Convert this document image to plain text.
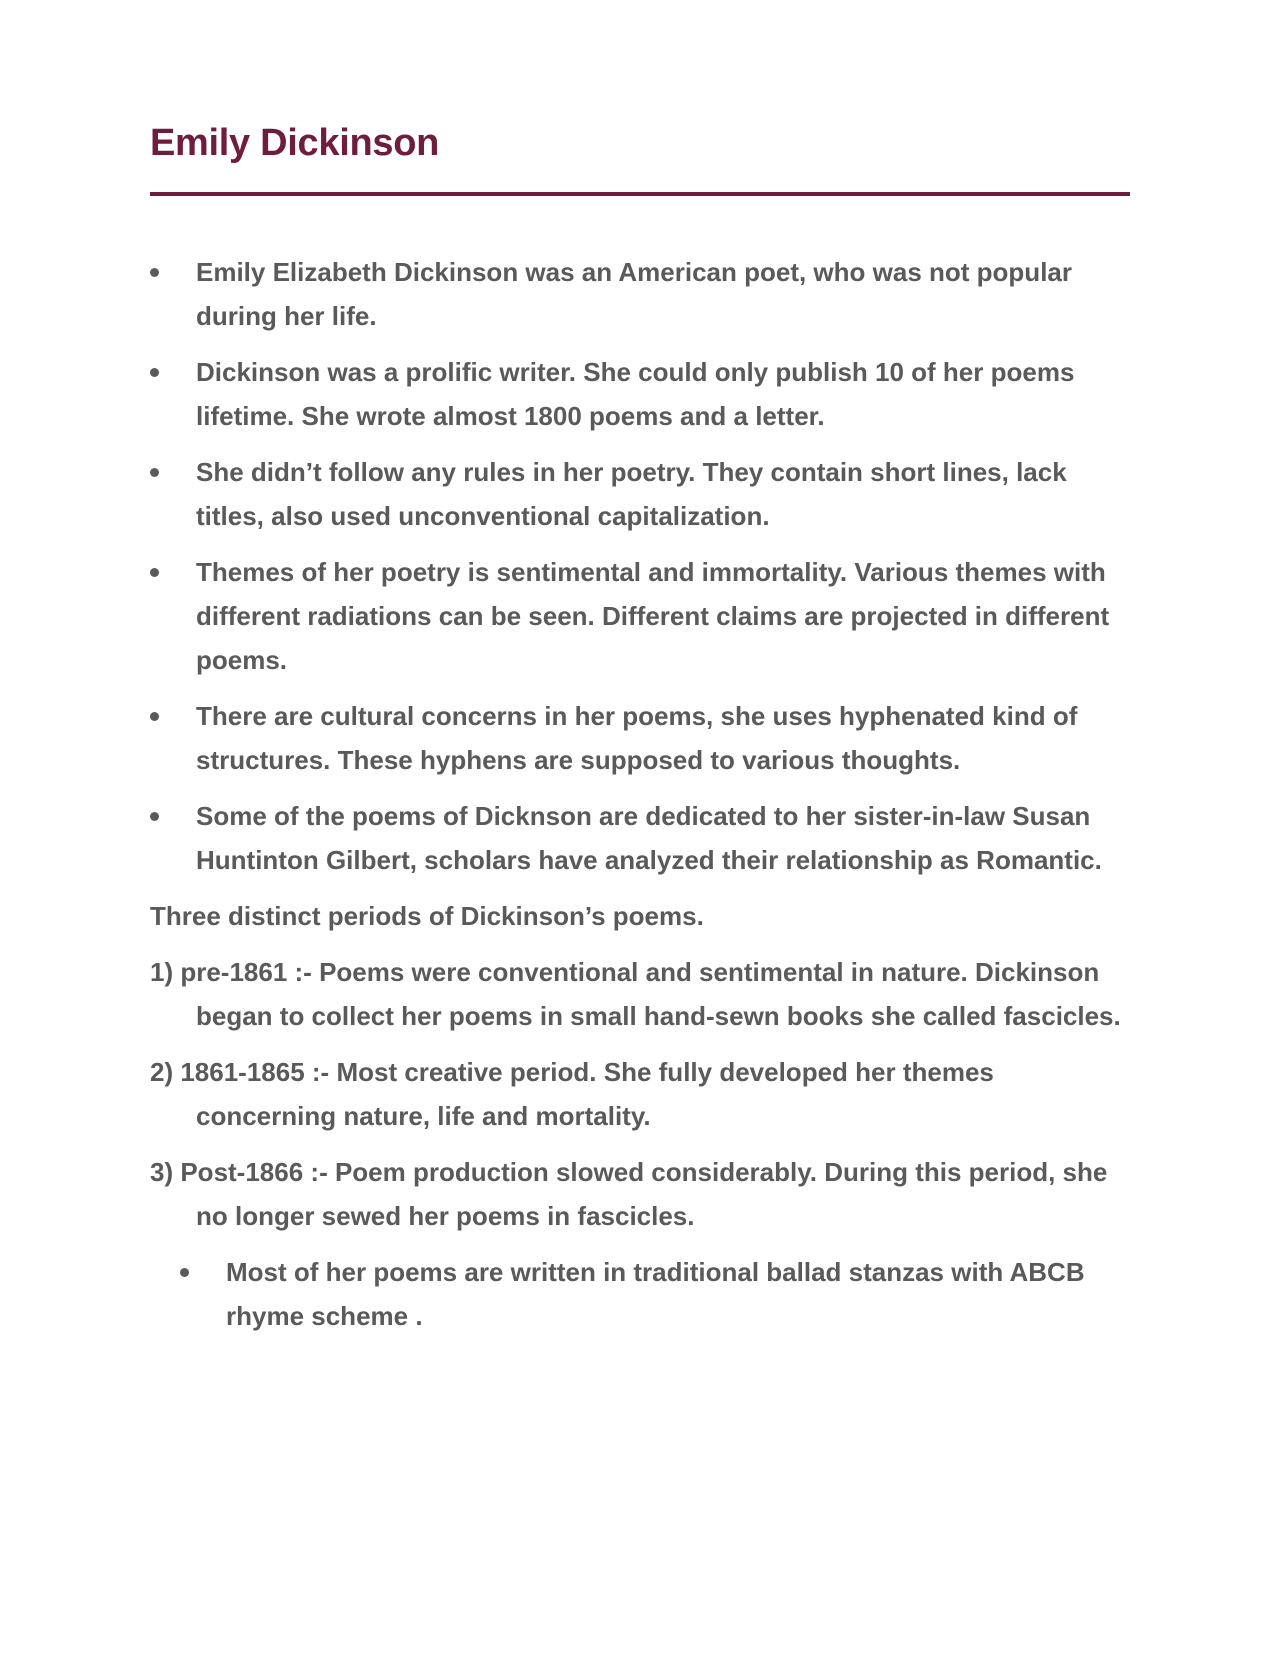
Emily Dickinson
Emily Elizabeth Dickinson was an American poet, who was not popular during her life.
Dickinson was a prolific writer. She could only publish 10 of her poems lifetime. She wrote almost 1800 poems and a letter.
She didn’t follow any rules in her poetry. They contain short lines, lack titles, also used unconventional capitalization.
Themes of her poetry is sentimental and immortality. Various themes with different radiations can be seen. Different claims are projected in different poems.
There are cultural concerns in her poems, she uses hyphenated kind of structures. These hyphens are supposed to various thoughts.
Some of the poems of Dicknson are dedicated to her sister-in-law Susan Huntinton Gilbert, scholars have analyzed their relationship as Romantic.

Three distinct periods of Dickinson’s poems.

1) pre-1861 :- Poems were conventional and sentimental in nature. Dickinson began to collect her poems in small hand-sewn books she called fascicles.

2) 1861-1865 :- Most creative period. She fully developed her themes concerning nature, life and mortality.

3) Post-1866 :- Poem production slowed considerably. During this period, she no longer sewed her poems in fascicles.

Most of her poems are written in traditional ballad stanzas with ABCB rhyme scheme .
